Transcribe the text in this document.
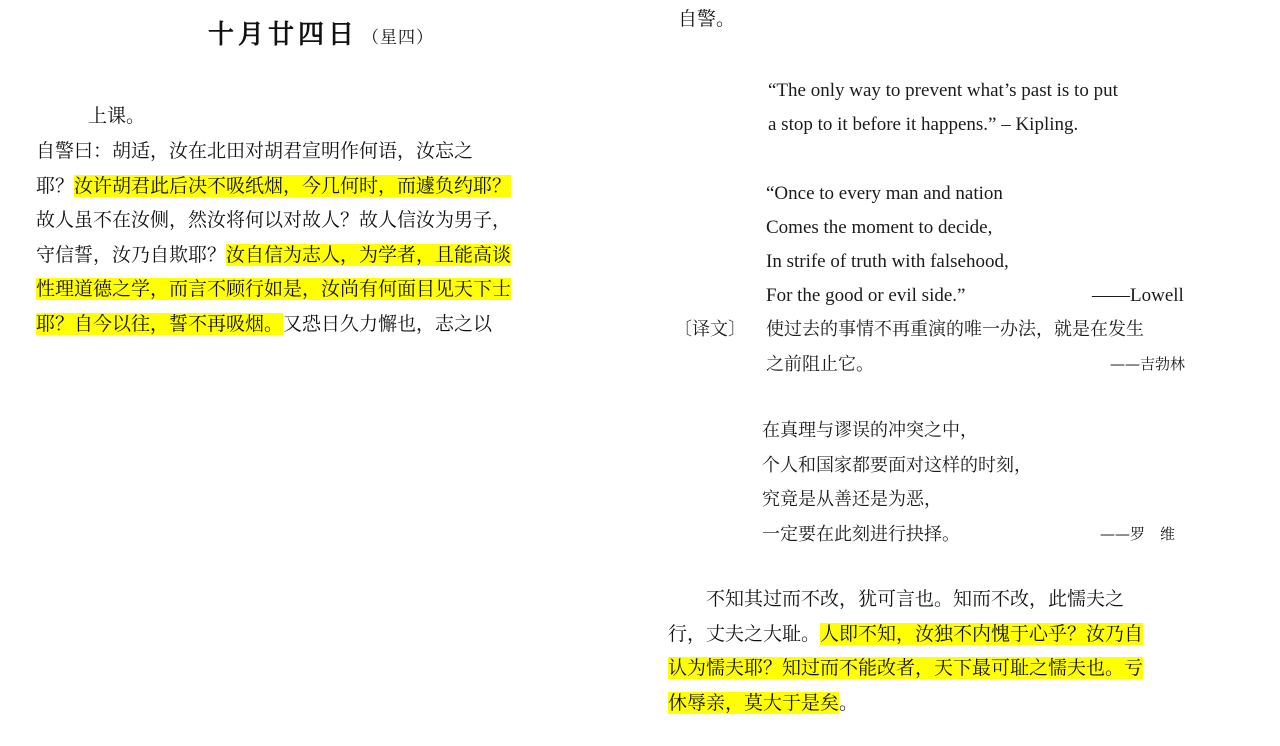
十月廿四日 （星四）
上课。
自警曰：胡适，汝在北田对胡君宣明作何语，汝忘之
耶？汝许胡君此后决不吸纸烟，今几何时，而遽负约耶？
故人虽不在汝侧，然汝将何以对故人？故人信汝为男子，
守信誓，汝乃自欺耶？汝自信为志人，为学者，且能高谈
性理道德之学，而言不顾行如是，汝尚有何面目见天下士
耶？自今以往，誓不再吸烟。又恐日久力懈也，志之以
自警。
“The only way to prevent what’s past is to put
a stop to it before it happens.” – Kipling.
“Once to every man and nation
Comes the moment to decide,
In strife of truth with falsehood,
For the good or evil side.”	——Lowell
〔译文〕 使过去的事情不再重演的唯一办法，就是在发生
之前阻止它。	——吉勃林
在真理与谬误的冲突之中，
个人和国家都要面对这样的时刻，
究竟是从善还是为恶，
一定要在此刻进行抉择。	——罗　维
　　不知其过而不改，犹可言也。知而不改，此懦夫之
行，丈夫之大耻。人即不知，汝独不内愧于心乎？汝乃自
认为懦夫耶？知过而不能改者，天下最可耻之懦夫也。亏
休辱亲，莫大于是矣。
